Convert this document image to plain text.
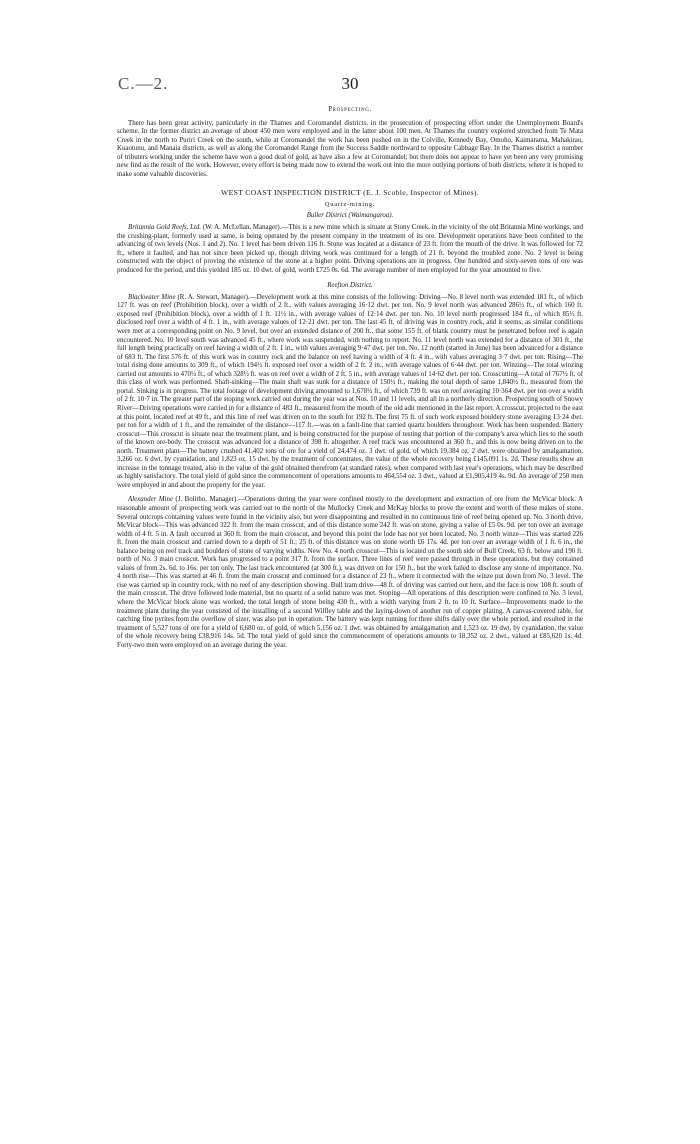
C.—2.	30
Prospecting.

There has been great activity, particularly in the Thames and Coromandel districts, in the prosecution of prospecting effort under the Unemployment Board's scheme. In the former district an average of about 450 men were employed and in the latter about 100 men. At Thames the country explored stretched from Te Mata Creek in the north to Puriri Creek on the south, while at Coromandel the work has been pushed on in the Colville, Kennedy Bay, Omoho, Kaimarama, Mahakirau, Kuaotunu, and Manaia districts, as well as along the Coromandel Range from the Success Saddle northward to opposite Cabbage Bay. In the Thames district a number of tributers working under the scheme have won a good deal of gold, as have also a few at Coromandel; but there does not appear to have yet been any very promising new find as the result of the work. However, every effort is being made now to extend the work out into the more outlying portions of both districts, where it is hoped to make some valuable discoveries.

WEST COAST INSPECTION DISTRICT (E. J. Scoble, Inspector of Mines).
Quartz-mining.
Buller District (Waimangaroa).

Britannia Gold Reefs, Ltd. (W. A. McLellan, Manager).—This is a new mine which is situate at Stony Creek, in the vicinity of the old Britannia Mine workings, and the crushing-plant, formerly used at same, is being operated by the present company in the treatment of its ore. Development operations have been confined to the advancing of two levels (Nos. 1 and 2). No. 1 level has been driven 116 ft. Stone was located at a distance of 23 ft. from the mouth of the drive. It was followed for 72 ft., where it faulted, and has not since been picked up, though driving work was continued for a length of 21 ft. beyond the troubled zone. No. 2 level is being constructed with the object of proving the existence of the stone at a higher point. Driving operations are in progress. One hundred and sixty-seven tons of ore was produced for the period, and this yielded 185 oz. 10 dwt. of gold, worth £725 0s. 6d. The average number of men employed for the year amounted to five.

Reefton District.

Blackwater Mine (R. A. Stewart, Manager).—Development work at this mine consists of the following: Driving—No. 8 level north was extended 181 ft., of which 127 ft. was on reef (Prohibition block), over a width of 2 ft., with values averaging 16·12 dwt. per ton. No. 9 level north was advanced 286½ ft., of which 160 ft. exposed reef (Prohibition block), over a width of 1 ft. 11½ in., with average values of 12·14 dwt. per ton. No. 10 level north progressed 184 ft., of which 85½ ft. disclosed reef over a width of 4 ft. 1 in., with average values of 12·21 dwt. per ton. The last 45 ft. of driving was in country rock, and it seems, as similar conditions were met at a corresponding point on No. 9 level, but over an extended distance of 200 ft., that some 155 ft. of blank country must be penetrated before reef is again encountered. No. 10 level south was advanced 45 ft., where work was suspended, with nothing to report. No. 11 level north was extended for a distance of 301 ft., the full length being practically on reef having a width of 2 ft. 1 in., with values averaging 9·47 dwt. per ton. No. 12 north (started in June) has been advanced for a distance of 683 ft. The first 576 ft. of this work was in country rock and the balance on reef having a width of 4 ft. 4 in., with values averaging 3·7 dwt. per ton. Rising—The total rising done amounts to 309 ft., of which 194½ ft. exposed reef over a width of 2 ft. 2 in., with average values of 6·44 dwt. per ton. Winzing—The total winzing carried out amounts to 470½ ft., of which 328½ ft. was on reef over a width of 2 ft. 5 in., with average values of 14·62 dwt. per ton. Crosscutting—A total of 767½ ft. of this class of work was performed. Shaft-sinking—The main shaft was sunk for a distance of 150½ ft., making the total depth of same 1,840½ ft., measured from the portal. Sinking is in progress. The total footage of development driving amounted to 1,678½ ft., of which 739 ft. was on reef averaging 10·364 dwt. per ton over a width of 2 ft. 10·7 in. The greater part of the stoping work carried out during the year was at Nos. 10 and 11 levels, and all in a northerly direction. Prospecting south of Snowy River—Driving operations were carried in for a distance of 483 ft., measured from the mouth of the old adit mentioned in the last report. A crosscut, projected to the east at this point, located reef at 49 ft., and this line of reef was driven on to the south for 192 ft. The first 75 ft. of such work exposed bouldery stone averaging 13·24 dwt. per ton for a width of 1 ft., and the remainder of the distance—117 ft.—was on a fault-line that carried quartz boulders throughout. Work has been suspended. Battery crosscut—This crosscut is situate near the treatment plant, and is being constructed for the purpose of testing that portion of the company's area which lies to the south of the known ore-body. The crosscut was advanced for a distance of 398 ft. altogether. A reef track was encountered at 360 ft., and this is now being driven on to the north. Treatment plant—The battery crushed 41,402 tons of ore for a yield of 24,474 oz. 3 dwt. of gold, of which 19,384 oz. 2 dwt. were obtained by amalgamation, 3,266 oz. 6 dwt. by cyanidation, and 1,823 oz. 15 dwt. by the treatment of concentrates, the value of the whole recovery being £145,091 1s. 2d. These results show an increase in the tonnage treated, also in the value of the gold obtained therefrom (at standard rates), when compared with last year's operations, which may be described as highly satisfactory. The total yield of gold since the commencement of operations amounts to 464,554 oz. 3 dwt., valued at £1,905,419 4s. 9d. An average of 250 men were employed in and about the property for the year.

Alexander Mine (J. Bolitho, Manager).—Operations during the year were confined mostly to the development and extraction of ore from the McVicar block. A reasonable amount of prospecting work was carried out to the north of the Mullocky Creek and McKay blocks to prove the extent and worth of these makes of stone. Several outcrops containing values were found in the vicinity also, but were disappointing and resulted in no continuous line of reef being opened up. No. 3 north drive, McVicar block—This was advanced 322 ft. from the main crosscut, and of this distance some 242 ft. was on stone, giving a value of £5 0s. 9d. per ton over an average width of 4 ft. 5 in. A fault occurred at 360 ft. from the main crosscut, and beyond this point the lode has not yet been located. No. 3 north winze—This was started 226 ft. from the main crosscut and carried down to a depth of 51 ft.; 25 ft. of this distance was on stone worth £6 17s. 4d. per ton over an average width of 1 ft. 6 in., the balance being on reef track and boulders of stone of varying widths. New No. 4 north crosscut—This is located on the south side of Bull Creek, 63 ft. below and 190 ft. north of No. 3 main crosscut. Work has progressed to a point 317 ft. from the surface. Three lines of reef were passed through in these operations, but they contained values of from 2s. 6d. to 16s. per ton only. The last track encountered (at 300 ft.), was driven on for 150 ft., but the work failed to disclose any stone of importance. No. 4 north rise—This was started at 46 ft. from the main crosscut and continued for a distance of 23 ft., where it connected with the winze put down from No. 3 level. The rise was carried up in country rock, with no reef of any description showing. Bull tram drive—48 ft. of driving was carried out here, and the face is now 108 ft. south of the main crosscut. The drive followed lode material, but no quartz of a solid nature was met. Stoping—All operations of this description were confined to No. 3 level, where the McVicar block alone was worked, the total length of stone being 430 ft., with a width varying from 2 ft. to 10 ft. Surface—Improvements made to the treatment plant during the year consisted of the installing of a second Wilfley table and the laying-down of another run of copper plating. A canvas-covered table, for catching fine pyrites from the overflow of sizer, was also put in operation. The battery was kept running for three shifts daily over the whole period, and resulted in the treatment of 5,527 tons of ore for a yield of 6,680 oz. of gold, of which 5,156 oz. 1 dwt. was obtained by amalgamation and 1,523 oz. 19 dwt. by cyanidation, the value of the whole recovery being £38,916 14s. 5d. The total yield of gold since the commencement of operations amounts to 18,352 oz. 2 dwt., valued at £85,620 1s. 4d. Forty-two men were employed on an average during the year.
